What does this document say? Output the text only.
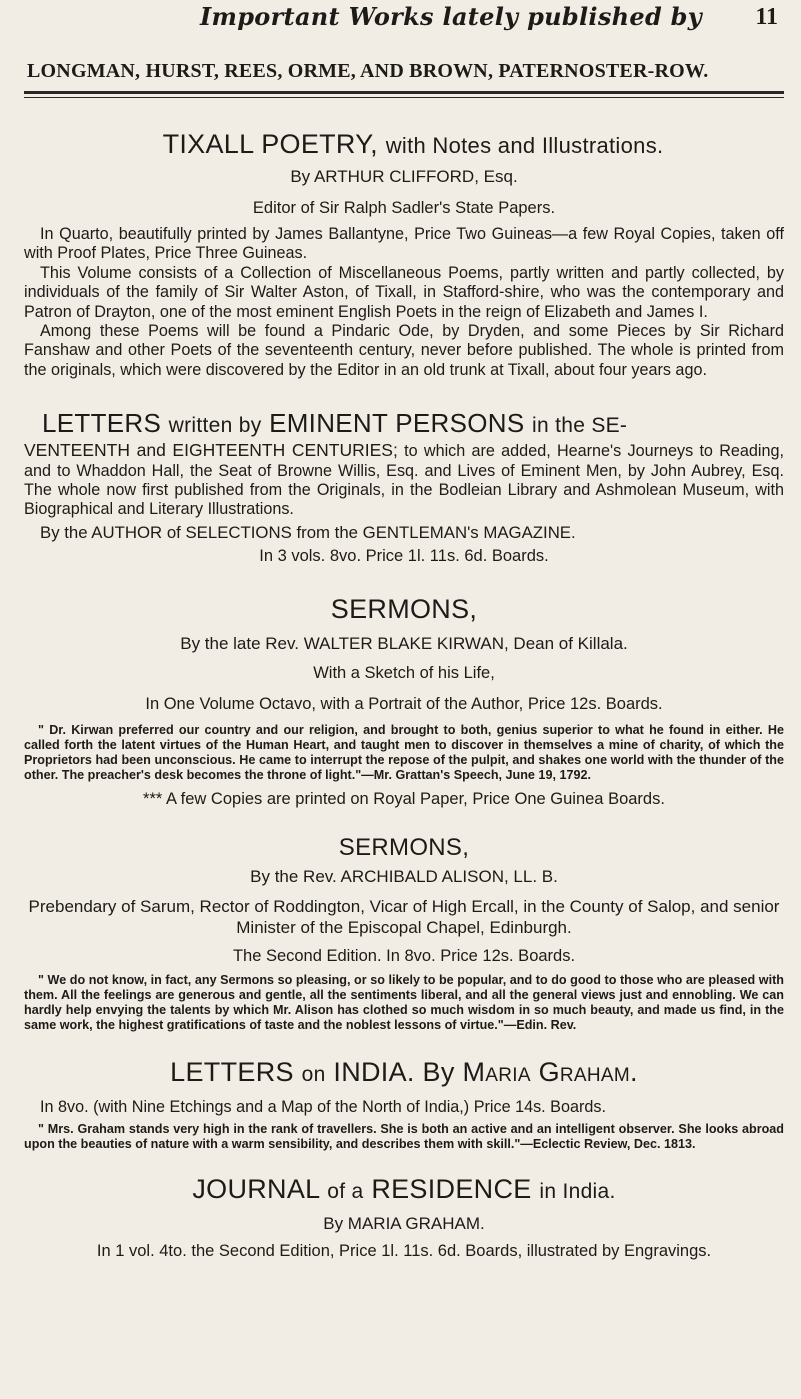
Important Works lately published by 11
LONGMAN, HURST, REES, ORME, AND BROWN, PATERNOSTER-ROW.

TIXALL POETRY, with Notes and Illustrations.

By ARTHUR CLIFFORD, Esq.

Editor of Sir Ralph Sadler's State Papers.

In Quarto, beautifully printed by James Ballantyne, Price Two Guineas—a few Royal Copies, taken off with Proof Plates, Price Three Guineas.

This Volume consists of a Collection of Miscellaneous Poems, partly written and partly collected, by individuals of the family of Sir Walter Aston, of Tixall, in Stafford-shire, who was the contemporary and Patron of Drayton, one of the most eminent English Poets in the reign of Elizabeth and James I.

Among these Poems will be found a Pindaric Ode, by Dryden, and some Pieces by Sir Richard Fanshaw and other Poets of the seventeenth century, never before published. The whole is printed from the originals, which were discovered by the Editor in an old trunk at Tixall, about four years ago.

LETTERS written by EMINENT PERSONS in the SE-

VENTEENTH and EIGHTEENTH CENTURIES; to which are added, Hearne's Journeys to Reading, and to Whaddon Hall, the Seat of Browne Willis, Esq. and Lives of Eminent Men, by John Aubrey, Esq. The whole now first published from the Originals, in the Bodleian Library and Ashmolean Museum, with Biographical and Literary Illustrations.

By the AUTHOR of SELECTIONS from the GENTLEMAN's MAGAZINE.

In 3 vols. 8vo. Price 1l. 11s. 6d. Boards.

SERMONS,

By the late Rev. WALTER BLAKE KIRWAN, Dean of Killala.

With a Sketch of his Life,

In One Volume Octavo, with a Portrait of the Author, Price 12s. Boards.

" Dr. Kirwan preferred our country and our religion, and brought to both, genius superior to what he found in either. He called forth the latent virtues of the Human Heart, and taught men to discover in themselves a mine of charity, of which the Proprietors had been unconscious. He came to interrupt the repose of the pulpit, and shakes one world with the thunder of the other. The preacher's desk becomes the throne of light."—Mr. Grattan's Speech, June 19, 1792.

*** A few Copies are printed on Royal Paper, Price One Guinea Boards.

SERMONS,

By the Rev. ARCHIBALD ALISON, LL. B.

Prebendary of Sarum, Rector of Roddington, Vicar of High Ercall, in the County of Salop, and senior Minister of the Episcopal Chapel, Edinburgh.

The Second Edition. In 8vo. Price 12s. Boards.

" We do not know, in fact, any Sermons so pleasing, or so likely to be popular, and to do good to those who are pleased with them. All the feelings are generous and gentle, all the sentiments liberal, and all the general views just and ennobling. We can hardly help envying the talents by which Mr. Alison has clothed so much wisdom in so much beauty, and made us find, in the same work, the highest gratifications of taste and the noblest lessons of virtue."—Edin. Rev.

LETTERS on INDIA. By Maria Graham.

In 8vo. (with Nine Etchings and a Map of the North of India,) Price 14s. Boards.

" Mrs. Graham stands very high in the rank of travellers. She is both an active and an intelligent observer. She looks abroad upon the beauties of nature with a warm sensibility, and describes them with skill."—Eclectic Review, Dec. 1813.

JOURNAL of a RESIDENCE in India.

By MARIA GRAHAM.

In 1 vol. 4to. the Second Edition, Price 1l. 11s. 6d. Boards, illustrated by Engravings.
